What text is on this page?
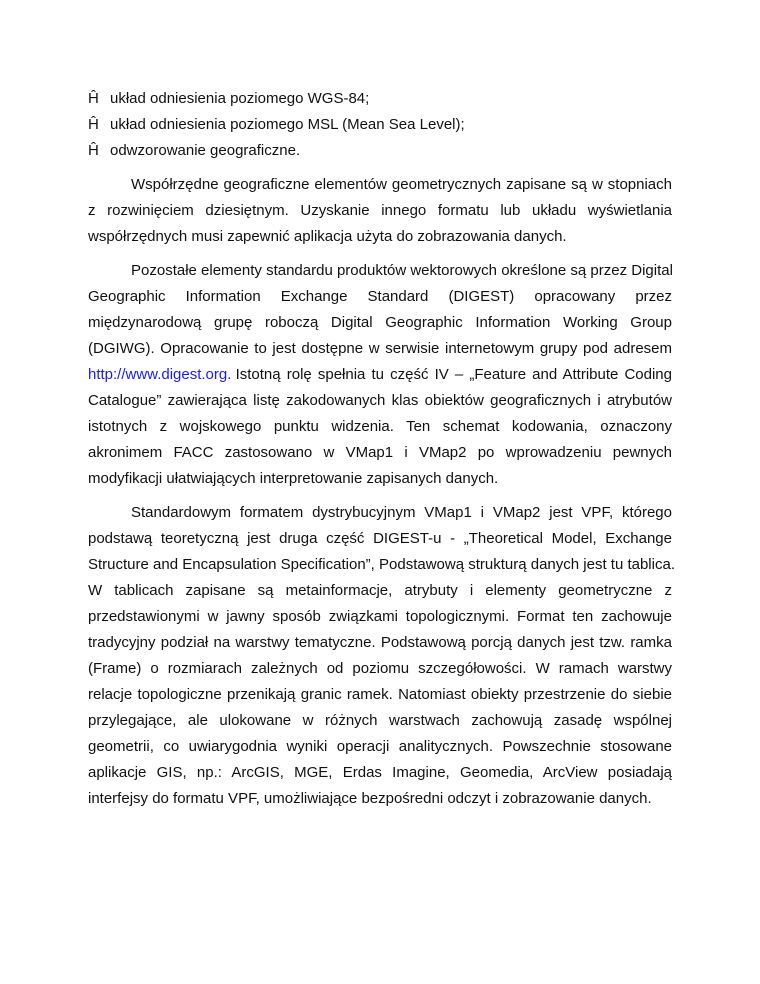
Ĥ układ odniesienia poziomego WGS-84;
Ĥ układ odniesienia poziomego MSL (Mean Sea Level);
Ĥ odwzorowanie geograficzne.
Współrzędne geograficzne elementów geometrycznych zapisane są w stopniach
z rozwinięciem dziesiętnym. Uzyskanie innego formatu lub układu wyświetlania
współrzędnych musi zapewnić aplikacja użyta do zobrazowania danych.
Pozostałe elementy standardu produktów wektorowych określone są przez Digital
Geographic Information Exchange Standard (DIGEST) opracowany przez
międzynarodową grupę roboczą Digital Geographic Information Working Group
(DGIWG). Opracowanie to jest dostępne w serwisie internetowym grupy pod adresem
http://www.digest.org.
Istotną rolę spełnia tu część IV – „Feature and Attribute Coding
Catalogue” zawierająca listę zakodowanych klas obiektów geograficznych i atrybutów
istotnych z wojskowego punktu widzenia. Ten schemat kodowania, oznaczony
akronimem FACC zastosowano w VMap1 i VMap2 po wprowadzeniu pewnych
modyfikacji ułatwiających interpretowanie zapisanych danych.
Standardowym formatem dystrybucyjnym VMap1 i VMap2 jest VPF, którego
podstawą teoretyczną jest druga część DIGEST-u - „Theoretical Model, Exchange
Structure and Encapsulation Specification”, Podstawową strukturą danych jest tu tablica.
W tablicach zapisane są metainformacje, atrybuty i elementy geometryczne z
przedstawionymi w jawny sposób związkami topologicznymi. Format ten zachowuje
tradycyjny podział na warstwy tematyczne. Podstawową porcją danych jest tzw. ramka
(Frame) o rozmiarach zależnych od poziomu szczegółowości. W ramach warstwy
relacje topologiczne przenikają granic ramek. Natomiast obiekty przestrzenie do siebie
przylegające, ale ulokowane w różnych warstwach zachowują zasadę wspólnej
geometrii, co uwiarygodnia wyniki operacji analitycznych. Powszechnie stosowane
aplikacje GIS, np.: ArcGIS, MGE, Erdas Imagine, Geomedia, ArcView posiadają
interfejsy do formatu VPF, umożliwiające bezpośredni odczyt i zobrazowanie danych.
